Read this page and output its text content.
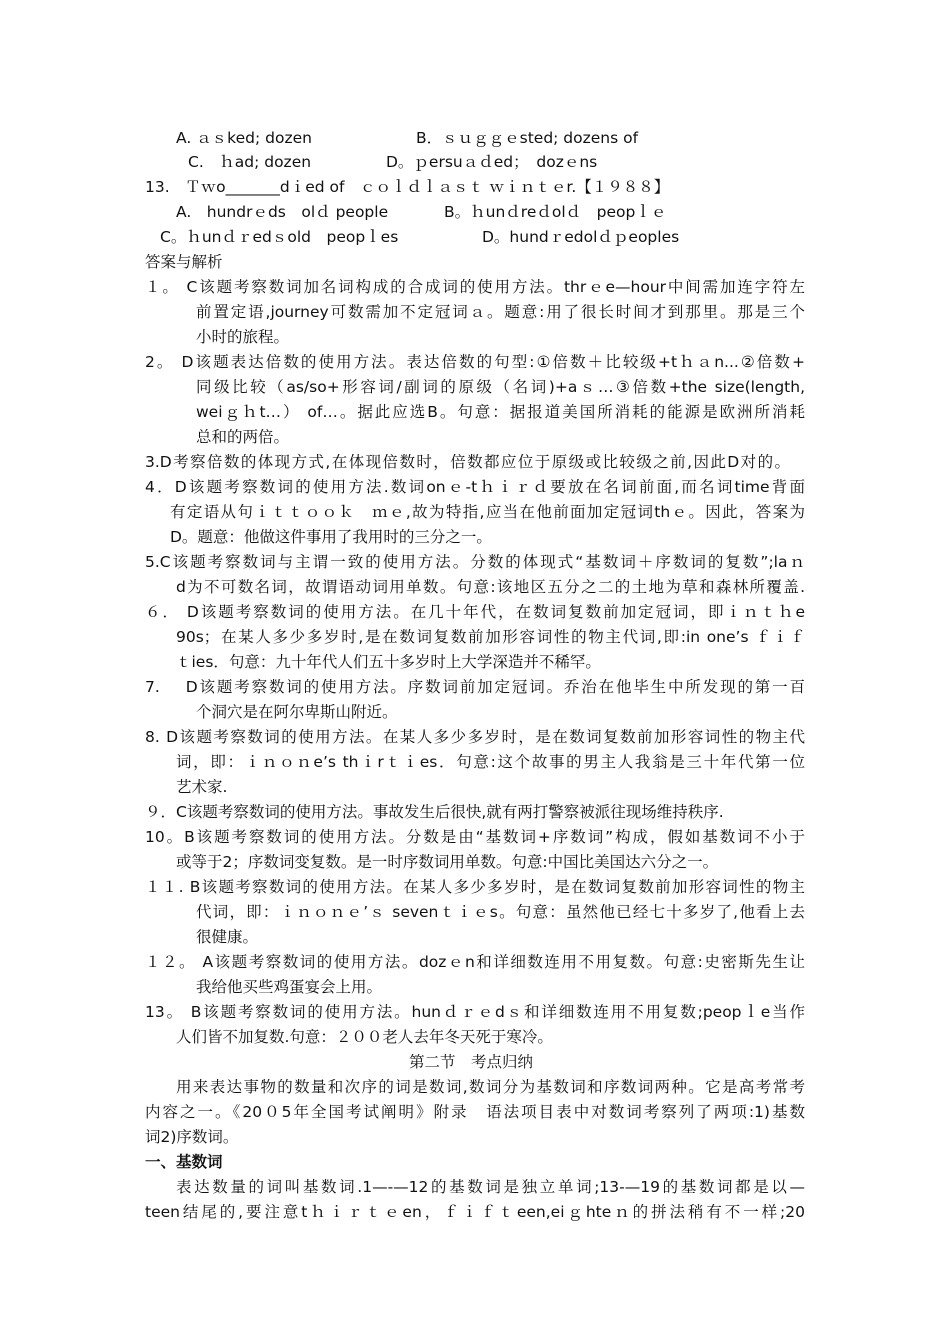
A. ａｓked; dozen	B．ｓｕｇｇｅsted; dozens of
C.　ｈad; dozen	D。ｐersuａｄed；　dozｅns
13.　Ｔｗo_______dｉed of　ｃｏｌｄｌａｓｔ ｗｉｎｔｅr.【１９８８】
A.　hundrｅds　olｄ people	B。ｈunｄreｄolｄ　peopｌｅ
C。ｈunｄｒedｓold　peopｌes	D。hundｒedolｄｐeoples
答案与解析
１。 C该题考察数词加名词构成的合成词的使用方法。thrｅe—hour中间需加连字符左
前置定语,journey可数需加不定冠词ａ。题意:用了很长时间才到那里。那是三个
小时的旅程。
2。 D该题表达倍数的使用方法。表达倍数的句型:①倍数＋比较级+tｈａn...②倍数+
同级比较（as/so+形容词/副词的原级（名词)+aｓ…③倍数+the size(length,
weiｇｈt…） of…。据此应选B。句意：据报道美国所消耗的能源是欧洲所消耗
总和的两倍。
3.D考察倍数的体现方式,在体现倍数时，倍数都应位于原级或比较级之前,因此D对的。
4．D该题考察数词的使用方法.数词onｅ-tｈｉｒｄ要放在名词前面,而名词time背面
有定语从句ｉｔｔｏｏｋ　ｍｅ,故为特指,应当在他前面加定冠词thｅ。因此，答案为
D。题意：他做这件事用了我用时的三分之一。
5.C该题考察数词与主谓一致的使用方法。分数的体现式“基数词＋序数词的复数”;laｎ
d为不可数名词，故谓语动词用单数。句意:该地区五分之二的土地为草和森林所覆盖.
６． D该题考察数词的使用方法。在几十年代，在数词复数前加定冠词，即ｉｎｔｈe
90s；在某人多少多岁时,是在数词复数前加形容词性的物主代词,即:in one’s ｆｉｆ
ｔies．句意：九十年代人们五十多岁时上大学深造并不稀罕。
7.　 D该题考察数词的使用方法。序数词前加定冠词。乔治在他毕生中所发现的第一百
个洞穴是在阿尔卑斯山附近。
8. D该题考察数词的使用方法。在某人多少多岁时，是在数词复数前加形容词性的物主代
词，即：ｉｎｏｎe’s thｉrｔｉes．句意:这个故事的男主人我翁是三十年代第一位
艺术家.
９．C该题考察数词的使用方法。事故发生后很快,就有两打警察被派往现场维持秩序.
10。B该题考察数词的使用方法。分数是由“基数词+序数词”构成，假如基数词不小于
或等于2；序数词变复数。是一时序数词用单数。句意:中国比美国达六分之一。
１１. B该题考察数词的使用方法。在某人多少多岁时，是在数词复数前加形容词性的物主
代词，即：ｉｎｏｎｅ’ｓ sevenｔｉｅs。句意：虽然他已经七十多岁了,他看上去
很健康。
１２。 A该题考察数词的使用方法。dozｅn和详细数连用不用复数。句意:史密斯先生让
我给他买些鸡蛋宴会上用。
13。 B该题考察数词的使用方法。hunｄｒｅdｓ和详细数连用不用复数;peopｌe当作
人们皆不加复数.句意：２００老人去年冬天死于寒冷。
第二节　考点归纳
用来表达事物的数量和次序的词是数词,数词分为基数词和序数词两种。它是高考常考
内容之一。《20０5年全国考试阐明》附录　语法项目表中对数词考察列了两项:1)基数
词2)序数词。
一、基数词
表达数量的词叫基数词.1—-—12的基数词是独立单词;13-—19的基数词都是以—
teen结尾的,要注意tｈｉｒｔｅen，ｆｉｆｔeen,eiｇhteｎ的拼法稍有不一样;20
